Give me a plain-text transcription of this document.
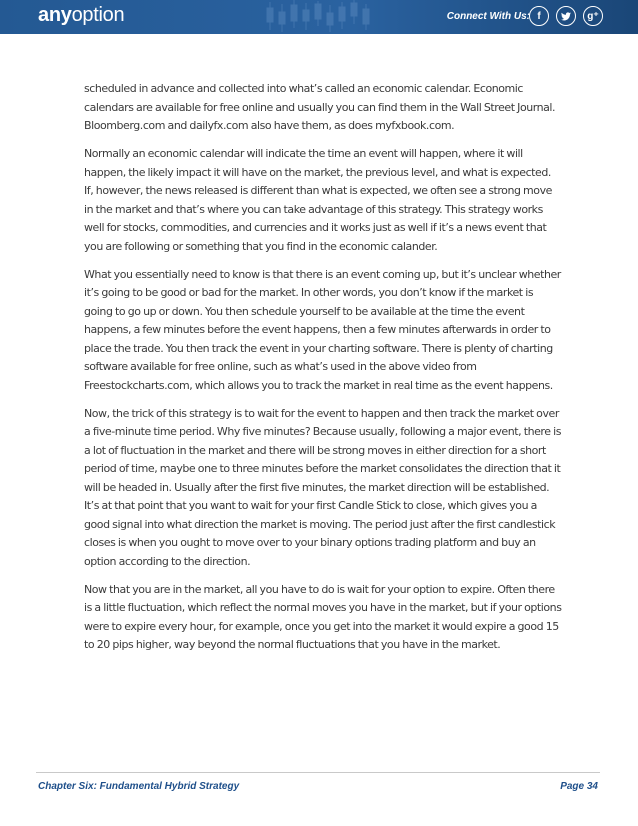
anyoption	Connect With Us: f	g⁺

scheduled in advance and collected into what’s called an economic calendar. Economic calendars are available for free online and usually you can find them in the Wall Street Journal. Bloomberg.com and dailyfx.com also have them, as does myfxbook.com.

Normally an economic calendar will indicate the time an event will happen, where it will happen, the likely impact it will have on the market, the previous level, and what is expected. If, however, the news released is different than what is expected, we often see a strong move in the market and that’s where you can take advantage of this strategy. This strategy works well for stocks, commodities, and currencies and it works just as well if it’s a news event that you are following or something that you find in the economic calander.

What you essentially need to know is that there is an event coming up, but it’s unclear whether it’s going to be good or bad for the market. In other words, you don’t know if the market is going to go up or down. You then schedule yourself to be available at the time the event happens, a few minutes before the event happens, then a few minutes afterwards in order to place the trade. You then track the event in your charting software. There is plenty of charting software available for free online, such as what’s used in the above video from Freestockcharts.com, which allows you to track the market in real time as the event happens.

Now, the trick of this strategy is to wait for the event to happen and then track the market over a five-minute time period. Why five minutes? Because usually, following a major event, there is a lot of fluctuation in the market and there will be strong moves in either direction for a short period of time, maybe one to three minutes before the market consolidates the direction that it will be headed in. Usually after the first five minutes, the market direction will be established. It’s at that point that you want to wait for your first Candle Stick to close, which gives you a good signal into what direction the market is moving. The period just after the first candlestick closes is when you ought to move over to your binary options trading platform and buy an option according to the direction.

Now that you are in the market, all you have to do is wait for your option to expire. Often there is a little fluctuation, which reflect the normal moves you have in the market, but if your options were to expire every hour, for example, once you get into the market it would expire a good 15 to 20 pips higher, way beyond the normal fluctuations that you have in the market.

Chapter Six: Fundamental Hybrid Strategy	Page 34
